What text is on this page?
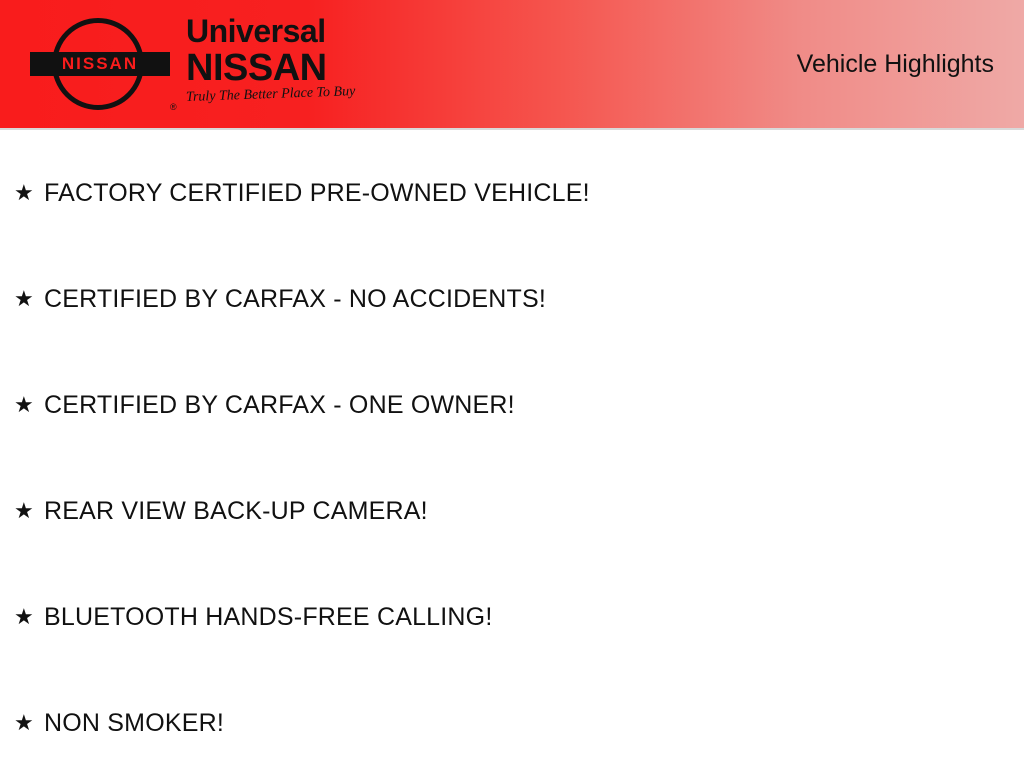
NISSAN
Universal
NISSAN
Truly The Better Place To Buy
®
Vehicle Highlights
★ FACTORY CERTIFIED PRE-OWNED VEHICLE!
★ CERTIFIED BY CARFAX - NO ACCIDENTS!
★ CERTIFIED BY CARFAX - ONE OWNER!
★ REAR VIEW BACK-UP CAMERA!
★ BLUETOOTH HANDS-FREE CALLING!
★ NON SMOKER!
